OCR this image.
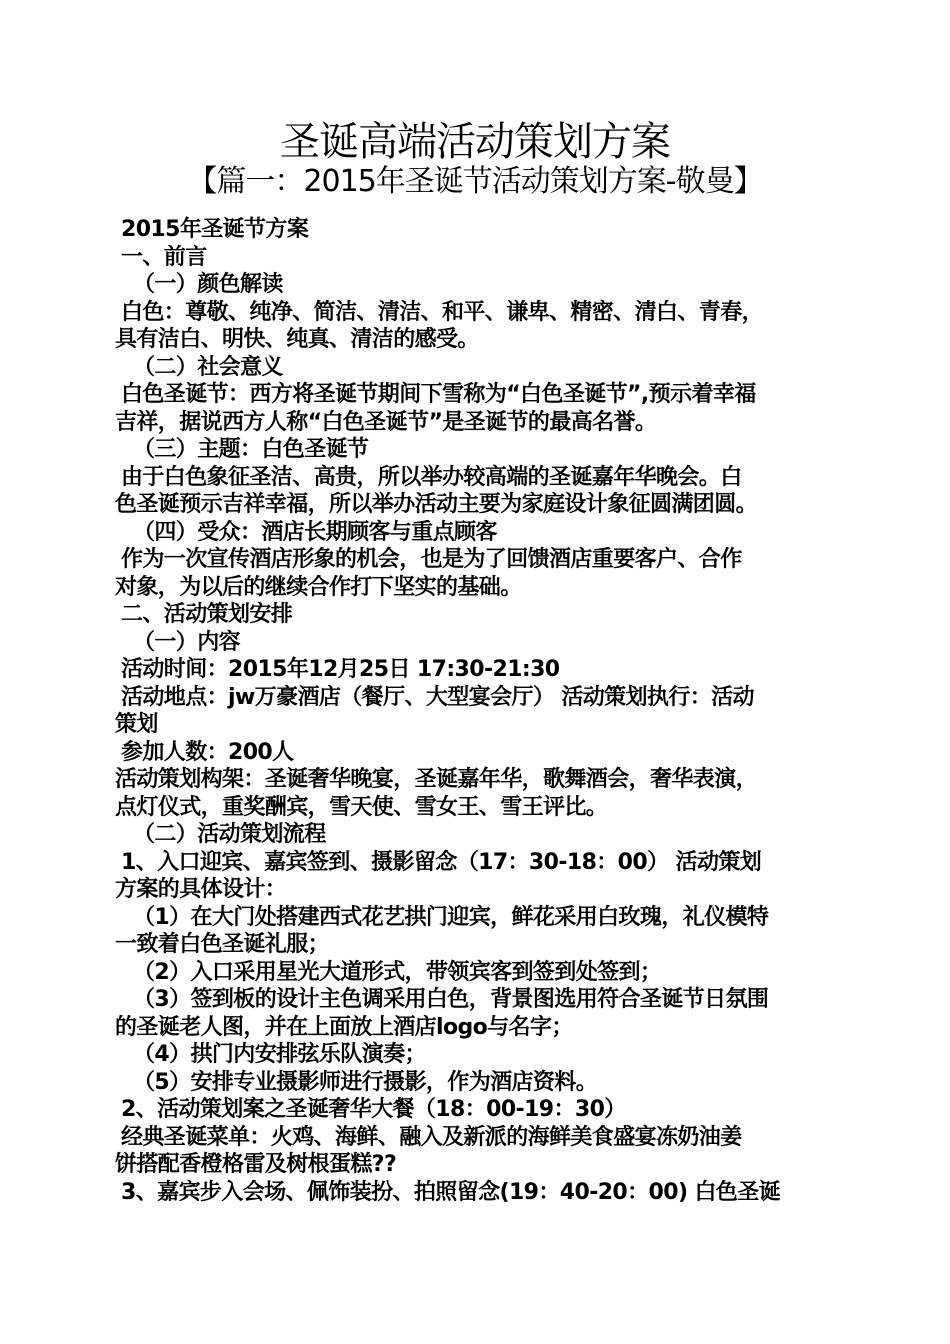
圣诞高端活动策划方案
【篇一：2015年圣诞节活动策划方案-敬曼】
2015年圣诞节方案
一、前言
（一）颜色解读
白色：尊敬、纯净、简洁、清洁、和平、谦卑、精密、清白、青春，
具有洁白、明快、纯真、清洁的感受。
（二）社会意义
白色圣诞节：西方将圣诞节期间下雪称为“白色圣诞节”,预示着幸福
吉祥，据说西方人称“白色圣诞节”是圣诞节的最高名誉。
（三）主题：白色圣诞节
由于白色象征圣洁、高贵，所以举办较高端的圣诞嘉年华晚会。白
色圣诞预示吉祥幸福，所以举办活动主要为家庭设计象征圆满团圆。
（四）受众：酒店长期顾客与重点顾客
作为一次宣传酒店形象的机会，也是为了回馈酒店重要客户、合作
对象，为以后的继续合作打下坚实的基础。
二、活动策划安排
（一）内容
活动时间：2015年12月25日 17:30-21:30
活动地点：jw万豪酒店（餐厅、大型宴会厅） 活动策划执行：活动
策划
参加人数：200人
活动策划构架：圣诞奢华晚宴，圣诞嘉年华，歌舞酒会，奢华表演，
点灯仪式，重奖酬宾，雪天使、雪女王、雪王评比。
（二）活动策划流程
1、入口迎宾、嘉宾签到、摄影留念（17：30-18：00） 活动策划
方案的具体设计：
（1）在大门处搭建西式花艺拱门迎宾，鲜花采用白玫瑰，礼仪模特
一致着白色圣诞礼服；
（2）入口采用星光大道形式，带领宾客到签到处签到；
（3）签到板的设计主色调采用白色，背景图选用符合圣诞节日氛围
的圣诞老人图，并在上面放上酒店logo与名字；
（4）拱门内安排弦乐队演奏；
（5）安排专业摄影师进行摄影，作为酒店资料。
2、活动策划案之圣诞奢华大餐（18：00-19：30）
经典圣诞菜单：火鸡、海鲜、融入及新派的海鲜美食盛宴冻奶油姜
饼搭配香橙格雷及树根蛋糕??
3、嘉宾步入会场、佩饰装扮、拍照留念(19：40-20：00) 白色圣诞
